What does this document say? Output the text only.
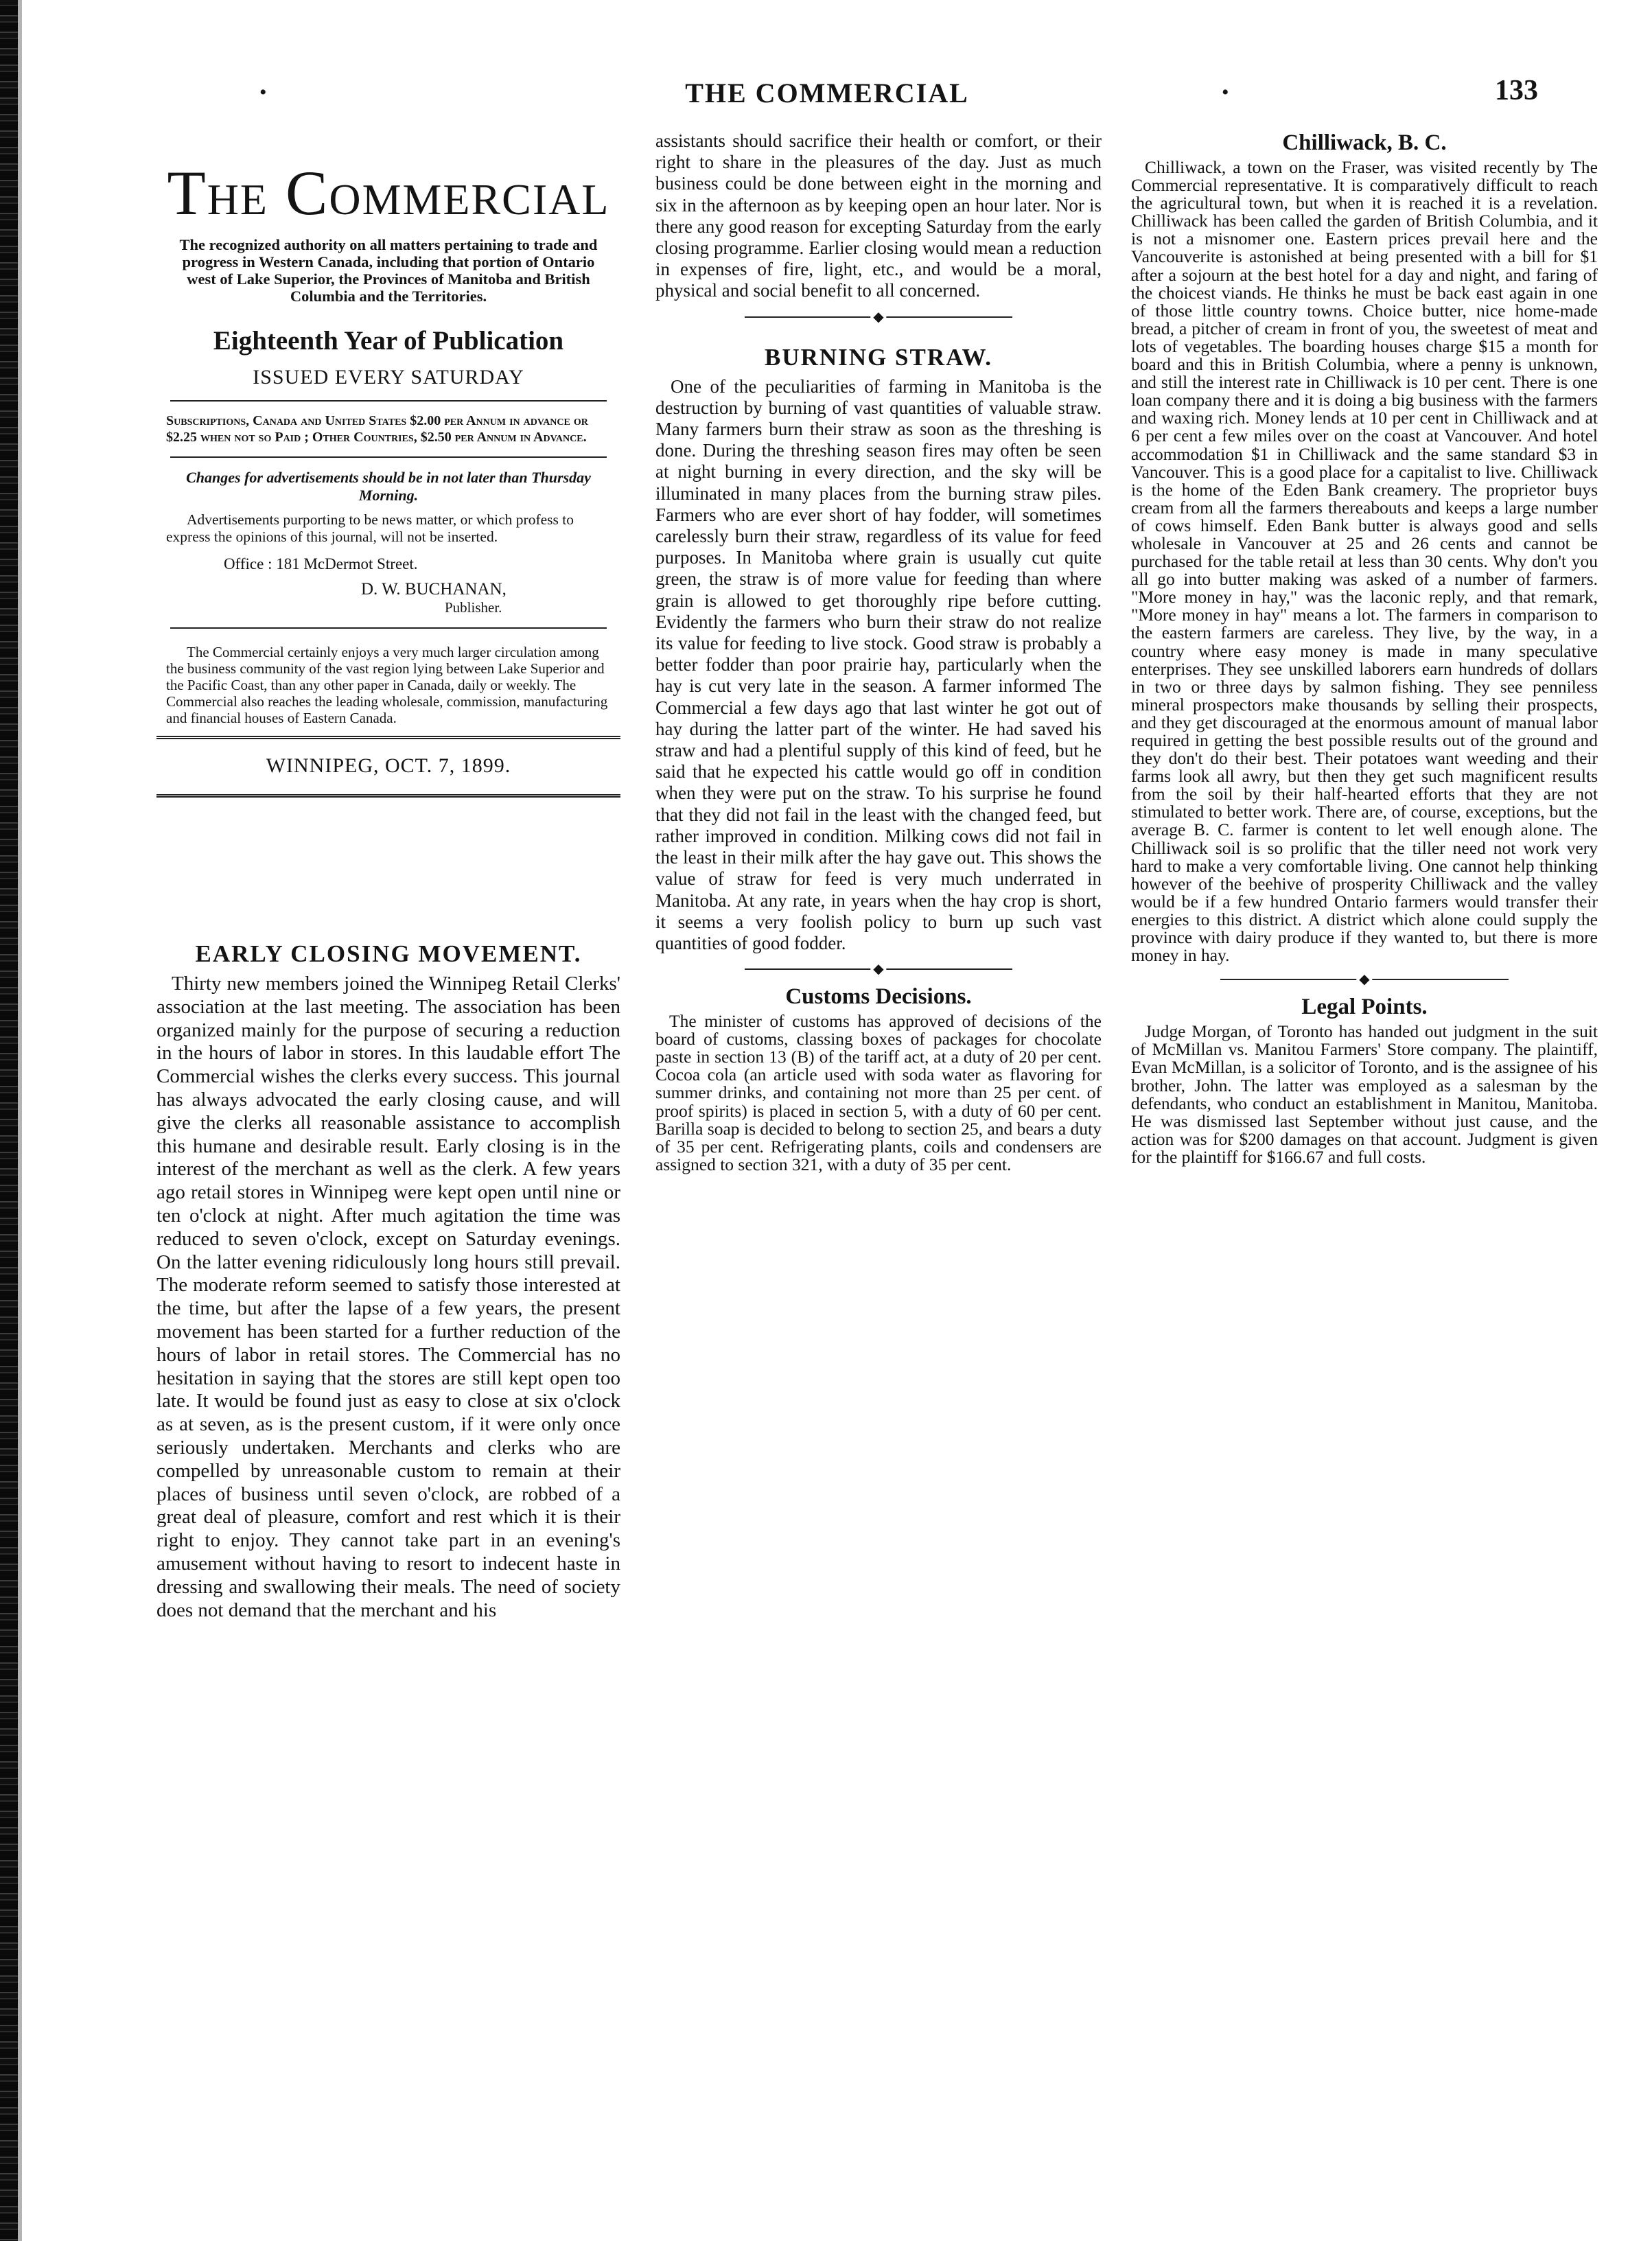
•	•
THE COMMERCIAL	133
The Commercial
The recognized authority on all matters pertaining to trade and progress in Western Canada, including that portion of Ontario west of Lake Superior, the Provinces of Manitoba and British Columbia and the Territories.
Eighteenth Year of Publication
ISSUED EVERY SATURDAY
Subscriptions, Canada and United States $2.00 per Annum in advance or $2.25 when not so Paid ; Other Countries, $2.50 per Annum in Advance.
Changes for advertisements should be in not later than Thursday Morning.
Advertisements purporting to be news matter, or which profess to express the opinions of this journal, will not be inserted.
Office : 181 McDermot Street.
D. W. BUCHANAN,
Publisher.
The Commercial certainly enjoys a very much larger circulation among the business community of the vast region lying between Lake Superior and the Pacific Coast, than any other paper in Canada, daily or weekly. The Commercial also reaches the leading wholesale, commission, manufacturing and financial houses of Eastern Canada.
WINNIPEG, OCT. 7, 1899.
EARLY CLOSING MOVEMENT.

Thirty new members joined the Winnipeg Retail Clerks' association at the last meeting. The association has been organized mainly for the purpose of securing a reduction in the hours of labor in stores. In this laudable effort The Commercial wishes the clerks every success. This journal has always advocated the early closing cause, and will give the clerks all reasonable assistance to accomplish this humane and desirable result. Early closing is in the interest of the merchant as well as the clerk. A few years ago retail stores in Winnipeg were kept open until nine or ten o'clock at night. After much agitation the time was reduced to seven o'clock, except on Saturday evenings. On the latter evening ridiculously long hours still prevail. The moderate reform seemed to satisfy those interested at the time, but after the lapse of a few years, the present movement has been started for a further reduction of the hours of labor in retail stores. The Commercial has no hesitation in saying that the stores are still kept open too late. It would be found just as easy to close at six o'clock as at seven, as is the present custom, if it were only once seriously undertaken. Merchants and clerks who are compelled by unreasonable custom to remain at their places of business until seven o'clock, are robbed of a great deal of pleasure, comfort and rest which it is their right to enjoy. They cannot take part in an evening's amusement without having to resort to indecent haste in dressing and swallowing their meals. The need of society does not demand that the merchant and his

assistants should sacrifice their health or comfort, or their right to share in the pleasures of the day. Just as much business could be done between eight in the morning and six in the afternoon as by keeping open an hour later. Nor is there any good reason for excepting Saturday from the early closing programme. Earlier closing would mean a reduction in expenses of fire, light, etc., and would be a moral, physical and social benefit to all concerned.

◆
BURNING STRAW.

One of the peculiarities of farming in Manitoba is the destruction by burning of vast quantities of valuable straw. Many farmers burn their straw as soon as the threshing is done. During the threshing season fires may often be seen at night burning in every direction, and the sky will be illuminated in many places from the burning straw piles. Farmers who are ever short of hay fodder, will sometimes carelessly burn their straw, regardless of its value for feed purposes. In Manitoba where grain is usually cut quite green, the straw is of more value for feeding than where grain is allowed to get thoroughly ripe before cutting. Evidently the farmers who burn their straw do not realize its value for feeding to live stock. Good straw is probably a better fodder than poor prairie hay, particularly when the hay is cut very late in the season. A farmer informed The Commercial a few days ago that last winter he got out of hay during the latter part of the winter. He had saved his straw and had a plentiful supply of this kind of feed, but he said that he expected his cattle would go off in condition when they were put on the straw. To his surprise he found that they did not fail in the least with the changed feed, but rather improved in condition. Milking cows did not fail in the least in their milk after the hay gave out. This shows the value of straw for feed is very much underrated in Manitoba. At any rate, in years when the hay crop is short, it seems a very foolish policy to burn up such vast quantities of good fodder.

◆
Customs Decisions.

The minister of customs has approved of decisions of the board of customs, classing boxes of packages for chocolate paste in section 13 (B) of the tariff act, at a duty of 20 per cent. Cocoa cola (an article used with soda water as flavoring for summer drinks, and containing not more than 25 per cent. of proof spirits) is placed in section 5, with a duty of 60 per cent. Barilla soap is decided to belong to section 25, and bears a duty of 35 per cent. Refrigerating plants, coils and condensers are assigned to section 321, with a duty of 35 per cent.

Chilliwack, B. C.

Chilliwack, a town on the Fraser, was visited recently by The Commercial representative. It is comparatively difficult to reach the agricultural town, but when it is reached it is a revelation. Chilliwack has been called the garden of British Columbia, and it is not a misnomer one. Eastern prices prevail here and the Vancouverite is astonished at being presented with a bill for $1 after a sojourn at the best hotel for a day and night, and faring of the choicest viands. He thinks he must be back east again in one of those little country towns. Choice butter, nice home-made bread, a pitcher of cream in front of you, the sweetest of meat and lots of vegetables. The boarding houses charge $15 a month for board and this in British Columbia, where a penny is unknown, and still the interest rate in Chilliwack is 10 per cent. There is one loan company there and it is doing a big business with the farmers and waxing rich. Money lends at 10 per cent in Chilliwack and at 6 per cent a few miles over on the coast at Vancouver. And hotel accommodation $1 in Chilliwack and the same standard $3 in Vancouver. This is a good place for a capitalist to live. Chilliwack is the home of the Eden Bank creamery. The proprietor buys cream from all the farmers thereabouts and keeps a large number of cows himself. Eden Bank butter is always good and sells wholesale in Vancouver at 25 and 26 cents and cannot be purchased for the table retail at less than 30 cents. Why don't you all go into butter making was asked of a number of farmers. "More money in hay," was the laconic reply, and that remark, "More money in hay" means a lot. The farmers in comparison to the eastern farmers are careless. They live, by the way, in a country where easy money is made in many speculative enterprises. They see unskilled laborers earn hundreds of dollars in two or three days by salmon fishing. They see penniless mineral prospectors make thousands by selling their prospects, and they get discouraged at the enormous amount of manual labor required in getting the best possible results out of the ground and they don't do their best. Their potatoes want weeding and their farms look all awry, but then they get such magnificent results from the soil by their half-hearted efforts that they are not stimulated to better work. There are, of course, exceptions, but the average B. C. farmer is content to let well enough alone. The Chilliwack soil is so prolific that the tiller need not work very hard to make a very comfortable living. One cannot help thinking however of the beehive of prosperity Chilliwack and the valley would be if a few hundred Ontario farmers would transfer their energies to this district. A district which alone could supply the province with dairy produce if they wanted to, but there is more money in hay.

◆
Legal Points.

Judge Morgan, of Toronto has handed out judgment in the suit of McMillan vs. Manitou Farmers' Store company. The plaintiff, Evan McMillan, is a solicitor of Toronto, and is the assignee of his brother, John. The latter was employed as a salesman by the defendants, who conduct an establishment in Manitou, Manitoba. He was dismissed last September without just cause, and the action was for $200 damages on that account. Judgment is given for the plaintiff for $166.67 and full costs.
